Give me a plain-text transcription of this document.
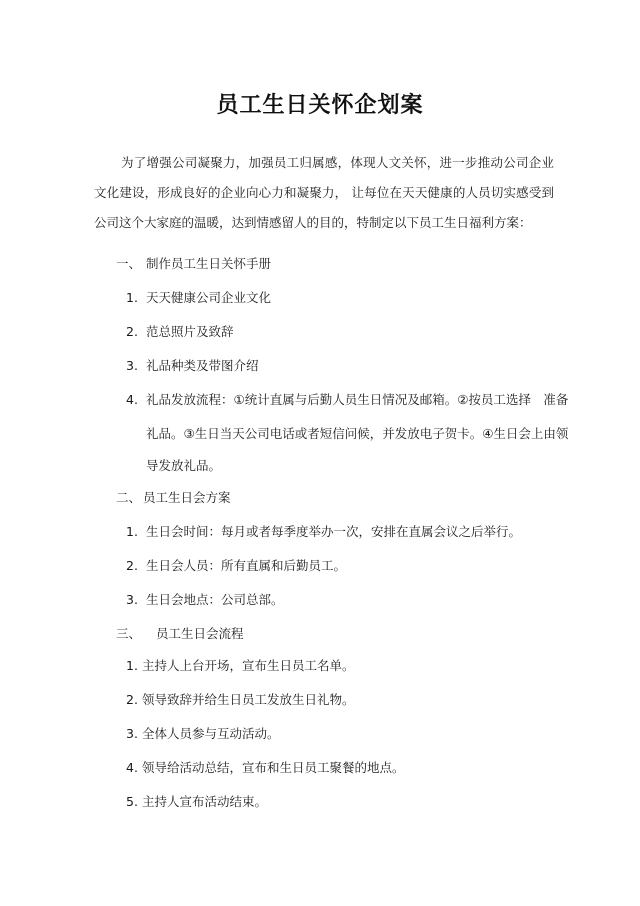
员工生日关怀企划案
为了增强公司凝聚力，加强员工归属感，体现人文关怀，进一步推动公司企业文化建设，形成良好的企业向心力和凝聚力， 让每位在天天健康的人员切实感受到公司这个大家庭的温暖，达到情感留人的目的，特制定以下员工生日福利方案：
一、 制作员工生日关怀手册
1. 天天健康公司企业文化
2. 范总照片及致辞
3. 礼品种类及带图介绍
4. 礼品发放流程：①统计直属与后勤人员生日情况及邮箱。②按员工选择　准备
礼品。③生日当天公司电话或者短信问候，并发放电子贺卡。④生日会上由领
导发放礼品。
二、 员工生日会方案
1. 生日会时间：每月或者每季度举办一次，安排在直属会议之后举行。
2. 生日会人员：所有直属和后勤员工。
3. 生日会地点：公司总部。
三、 员工生日会流程
1. 主持人上台开场，宣布生日员工名单。
2. 领导致辞并给生日员工发放生日礼物。
3. 全体人员参与互动活动。
4. 领导给活动总结，宣布和生日员工聚餐的地点。
5. 主持人宣布活动结束。
